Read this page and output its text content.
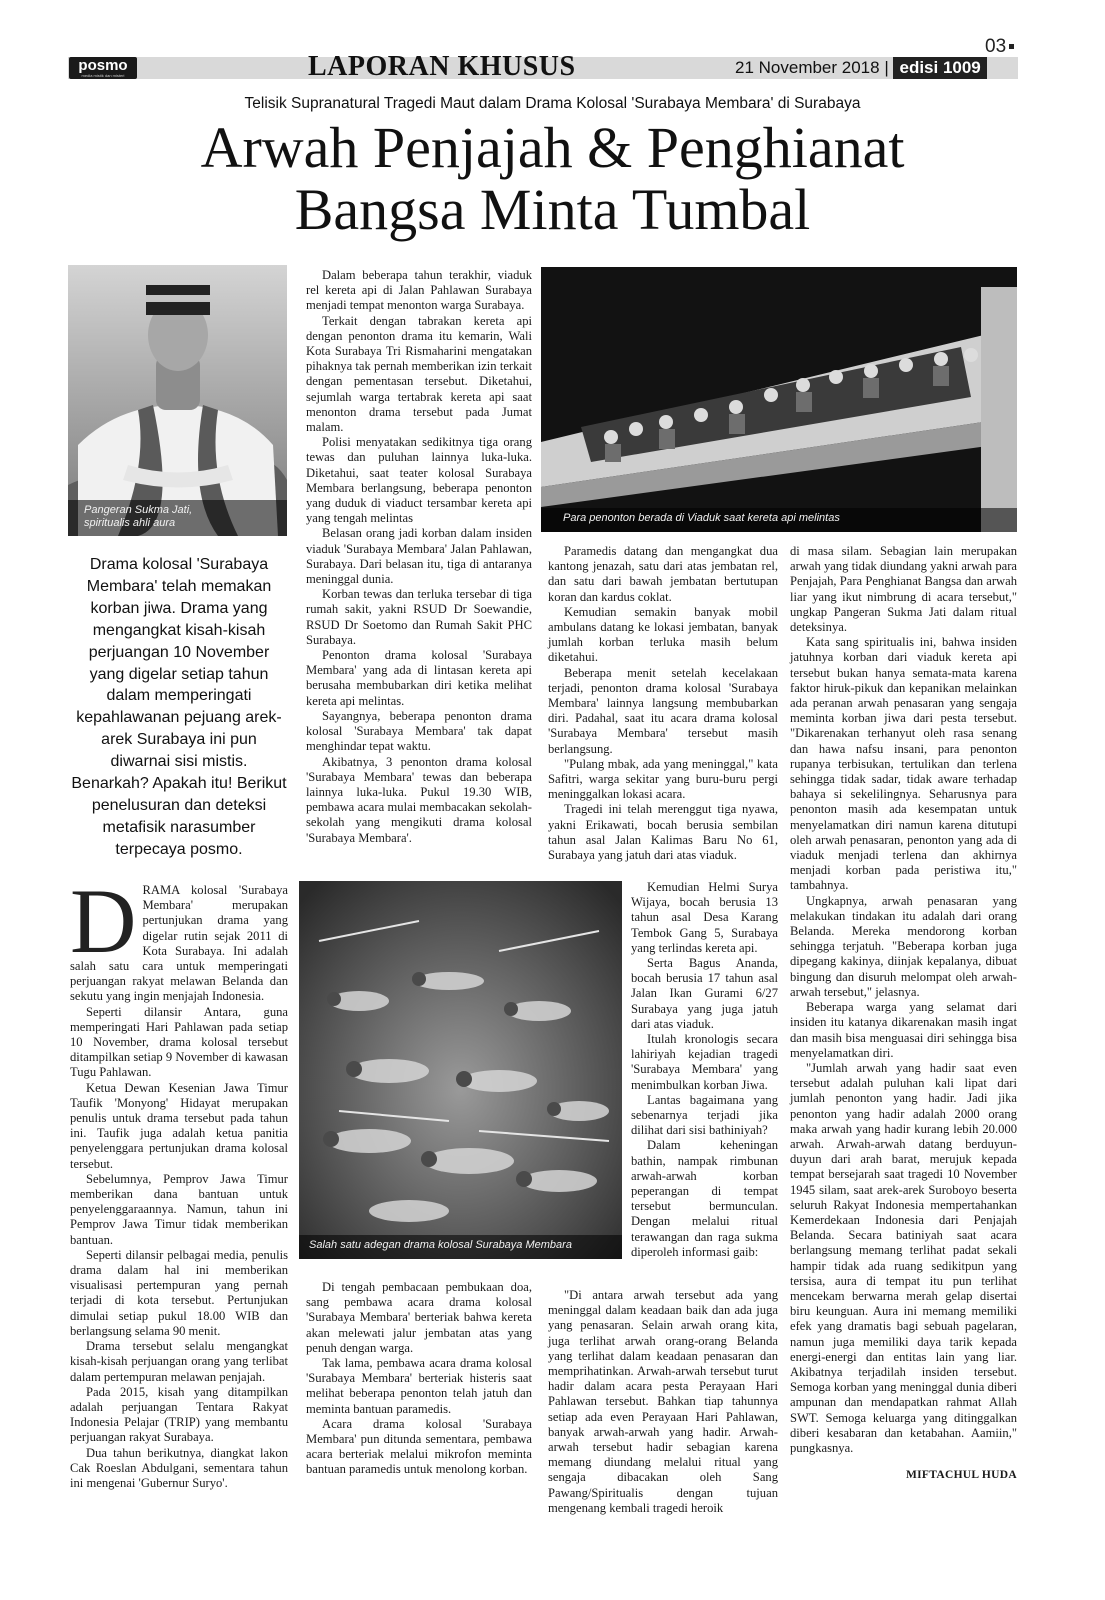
03
posmo
media mistik dan misteri	LAPORAN KHUSUS	21 November 2018 | edisi 1009
Telisik Supranatural Tragedi Maut dalam Drama Kolosal 'Surabaya Membara' di Surabaya
Arwah Penjajah & Penghianat
Bangsa Minta Tumbal
Pangeran Sukma Jati,
spiritualis ahli aura
Drama kolosal 'Surabaya Membara' telah memakan korban jiwa. Drama yang mengangkat kisah-kisah perjuangan 10 November yang digelar setiap tahun dalam memperingati kepahlawanan pejuang arek-arek Surabaya ini pun diwarnai sisi mistis. Benarkah? Apakah itu! Berikut penelusuran dan deteksi metafisik narasumber terpecaya posmo.
Para penonton berada di Viaduk saat kereta api melintas
Salah satu adegan drama kolosal Surabaya Membara
D RAMA kolosal 'Surabaya Membara' merupakan pertunjukan drama yang digelar rutin sejak 2011 di Kota Surabaya. Ini adalah salah satu cara untuk memperingati perjuangan rakyat melawan Belanda dan sekutu yang ingin menjajah Indonesia.

Seperti dilansir Antara, guna memperingati Hari Pahlawan pada setiap 10 November, drama kolosal tersebut ditampilkan setiap 9 November di kawasan Tugu Pahlawan.

Ketua Dewan Kesenian Jawa Timur Taufik 'Monyong' Hidayat merupakan penulis untuk drama tersebut pada tahun ini. Taufik juga adalah ketua panitia penyelenggara pertunjukan drama kolosal tersebut.

Sebelumnya, Pemprov Jawa Timur memberikan dana bantuan untuk penyelenggaraannya. Namun, tahun ini Pemprov Jawa Timur tidak memberikan bantuan.

Seperti dilansir pelbagai media, penulis drama dalam hal ini memberikan visualisasi pertempuran yang pernah terjadi di kota tersebut. Pertunjukan dimulai setiap pukul 18.00 WIB dan berlangsung selama 90 menit.

Drama tersebut selalu mengangkat kisah-kisah perjuangan orang yang terlibat dalam pertempuran melawan penjajah.

Pada 2015, kisah yang ditampilkan adalah perjuangan Tentara Rakyat Indonesia Pelajar (TRIP) yang membantu perjuangan rakyat Surabaya.

Dua tahun berikutnya, diangkat lakon Cak Roeslan Abdulgani, sementara tahun ini mengenai 'Gubernur Suryo'.

Dalam beberapa tahun terakhir, viaduk rel kereta api di Jalan Pahlawan Surabaya menjadi tempat menonton warga Surabaya.

Terkait dengan tabrakan kereta api dengan penonton drama itu kemarin, Wali Kota Surabaya Tri Rismaharini mengatakan pihaknya tak pernah memberikan izin terkait dengan pementasan tersebut. Diketahui, sejumlah warga tertabrak kereta api saat menonton drama tersebut pada Jumat malam.

Polisi menyatakan sedikitnya tiga orang tewas dan puluhan lainnya luka-luka. Diketahui, saat teater kolosal Surabaya Membara berlangsung, beberapa penonton yang duduk di viaduct tersambar kereta api yang tengah melintas

Belasan orang jadi korban dalam insiden viaduk 'Surabaya Membara' Jalan Pahlawan, Surabaya. Dari belasan itu, tiga di antaranya meninggal dunia.

Korban tewas dan terluka tersebar di tiga rumah sakit, yakni RSUD Dr Soewandie, RSUD Dr Soetomo dan Rumah Sakit PHC Surabaya.

Penonton drama kolosal 'Surabaya Membara' yang ada di lintasan kereta api berusaha membubarkan diri ketika melihat kereta api melintas.

Sayangnya, beberapa penonton drama kolosal 'Surabaya Membara' tak dapat menghindar tepat waktu.

Akibatnya, 3 penonton drama kolosal 'Surabaya Membara' tewas dan beberapa lainnya luka-luka. Pukul 19.30 WIB, pembawa acara mulai membacakan sekolah-sekolah yang mengikuti drama kolosal 'Surabaya Membara'.

Di tengah pembacaan pembukaan doa, sang pembawa acara drama kolosal 'Surabaya Membara' berteriak bahwa kereta akan melewati jalur jembatan atas yang penuh dengan warga.

Tak lama, pembawa acara drama kolosal 'Surabaya Membara' berteriak histeris saat melihat beberapa penonton telah jatuh dan meminta bantuan paramedis.

Acara drama kolosal 'Surabaya Membara' pun ditunda sementara, pembawa acara berteriak melalui mikrofon meminta bantuan paramedis untuk menolong korban.

Paramedis datang dan mengangkat dua kantong jenazah, satu dari atas jembatan rel, dan satu dari bawah jembatan bertutupan koran dan kardus coklat.

Kemudian semakin banyak mobil ambulans datang ke lokasi jembatan, banyak jumlah korban terluka masih belum diketahui.

Beberapa menit setelah kecelakaan terjadi, penonton drama kolosal 'Surabaya Membara' lainnya langsung membubarkan diri. Padahal, saat itu acara drama kolosal 'Surabaya Membara' tersebut masih berlangsung.

"Pulang mbak, ada yang meninggal," kata Safitri, warga sekitar yang buru-buru pergi meninggalkan lokasi acara.

Tragedi ini telah merenggut tiga nyawa, yakni Erikawati, bocah berusia sembilan tahun asal Jalan Kalimas Baru No 61, Surabaya yang jatuh dari atas viaduk.

Kemudian Helmi Surya Wijaya, bocah berusia 13 tahun asal Desa Karang Tembok Gang 5, Surabaya yang terlindas kereta api.

Serta Bagus Ananda, bocah berusia 17 tahun asal Jalan Ikan Gurami 6/27 Surabaya yang juga jatuh dari atas viaduk.

Itulah kronologis secara lahiriyah kejadian tragedi 'Surabaya Membara' yang menimbulkan korban Jiwa.

Lantas bagaimana yang sebenarnya terjadi jika dilihat dari sisi bathiniyah?

Dalam keheningan bathin, nampak rimbunan arwah-arwah korban peperangan di tempat tersebut bermunculan. Dengan melalui ritual terawangan dan raga sukma diperoleh informasi gaib:

"Di antara arwah tersebut ada yang meninggal dalam keadaan baik dan ada juga yang penasaran. Selain arwah orang kita, juga terlihat arwah orang-orang Belanda yang terlihat dalam keadaan penasaran dan memprihatinkan. Arwah-arwah tersebut turut hadir dalam acara pesta Perayaan Hari Pahlawan tersebut. Bahkan tiap tahunnya setiap ada even Perayaan Hari Pahlawan, banyak arwah-arwah yang hadir. Arwah-arwah tersebut hadir sebagian karena memang diundang melalui ritual yang sengaja dibacakan oleh Sang Pawang/Spiritualis dengan tujuan mengenang kembali tragedi heroik

di masa silam. Sebagian lain merupakan arwah yang tidak diundang yakni arwah para Penjajah, Para Penghianat Bangsa dan arwah liar yang ikut nimbrung di acara tersebut," ungkap Pangeran Sukma Jati dalam ritual deteksinya.

Kata sang spiritualis ini, bahwa insiden jatuhnya korban dari viaduk kereta api tersebut bukan hanya semata-mata karena faktor hiruk-pikuk dan kepanikan melainkan ada peranan arwah penasaran yang sengaja meminta korban jiwa dari pesta tersebut. "Dikarenakan terhanyut oleh rasa senang dan hawa nafsu insani, para penonton rupanya terbisukan, tertulikan dan terlena sehingga tidak sadar, tidak aware terhadap bahaya si sekelilingnya. Seharusnya para penonton masih ada kesempatan untuk menyelamatkan diri namun karena ditutupi oleh arwah penasaran, penonton yang ada di viaduk menjadi terlena dan akhirnya menjadi korban pada peristiwa itu," tambahnya.

Ungkapnya, arwah penasaran yang melakukan tindakan itu adalah dari orang Belanda. Mereka mendorong korban sehingga terjatuh. "Beberapa korban juga dipegang kakinya, diinjak kepalanya, dibuat bingung dan disuruh melompat oleh arwah-arwah tersebut," jelasnya.

Beberapa warga yang selamat dari insiden itu katanya dikarenakan masih ingat dan masih bisa menguasai diri sehingga bisa menyelamatkan diri.

"Jumlah arwah yang hadir saat even tersebut adalah puluhan kali lipat dari jumlah penonton yang hadir. Jadi jika penonton yang hadir adalah 2000 orang maka arwah yang hadir kurang lebih 20.000 arwah. Arwah-arwah datang berduyun-duyun dari arah barat, merujuk kepada tempat bersejarah saat tragedi 10 November 1945 silam, saat arek-arek Suroboyo beserta seluruh Rakyat Indonesia mempertahankan Kemerdekaan Indonesia dari Penjajah Belanda. Secara batiniyah saat acara berlangsung memang terlihat padat sekali hampir tidak ada ruang sedikitpun yang tersisa, aura di tempat itu pun terlihat mencekam berwarna merah gelap disertai biru keunguan. Aura ini memang memiliki efek yang dramatis bagi sebuah pagelaran, namun juga memiliki daya tarik kepada energi-energi dan entitas lain yang liar. Akibatnya terjadilah insiden tersebut. Semoga korban yang meninggal dunia diberi ampunan dan mendapatkan rahmat Allah SWT. Semoga keluarga yang ditinggalkan diberi kesabaran dan ketabahan. Aamiin," pungkasnya.

MIFTACHUL HUDA
